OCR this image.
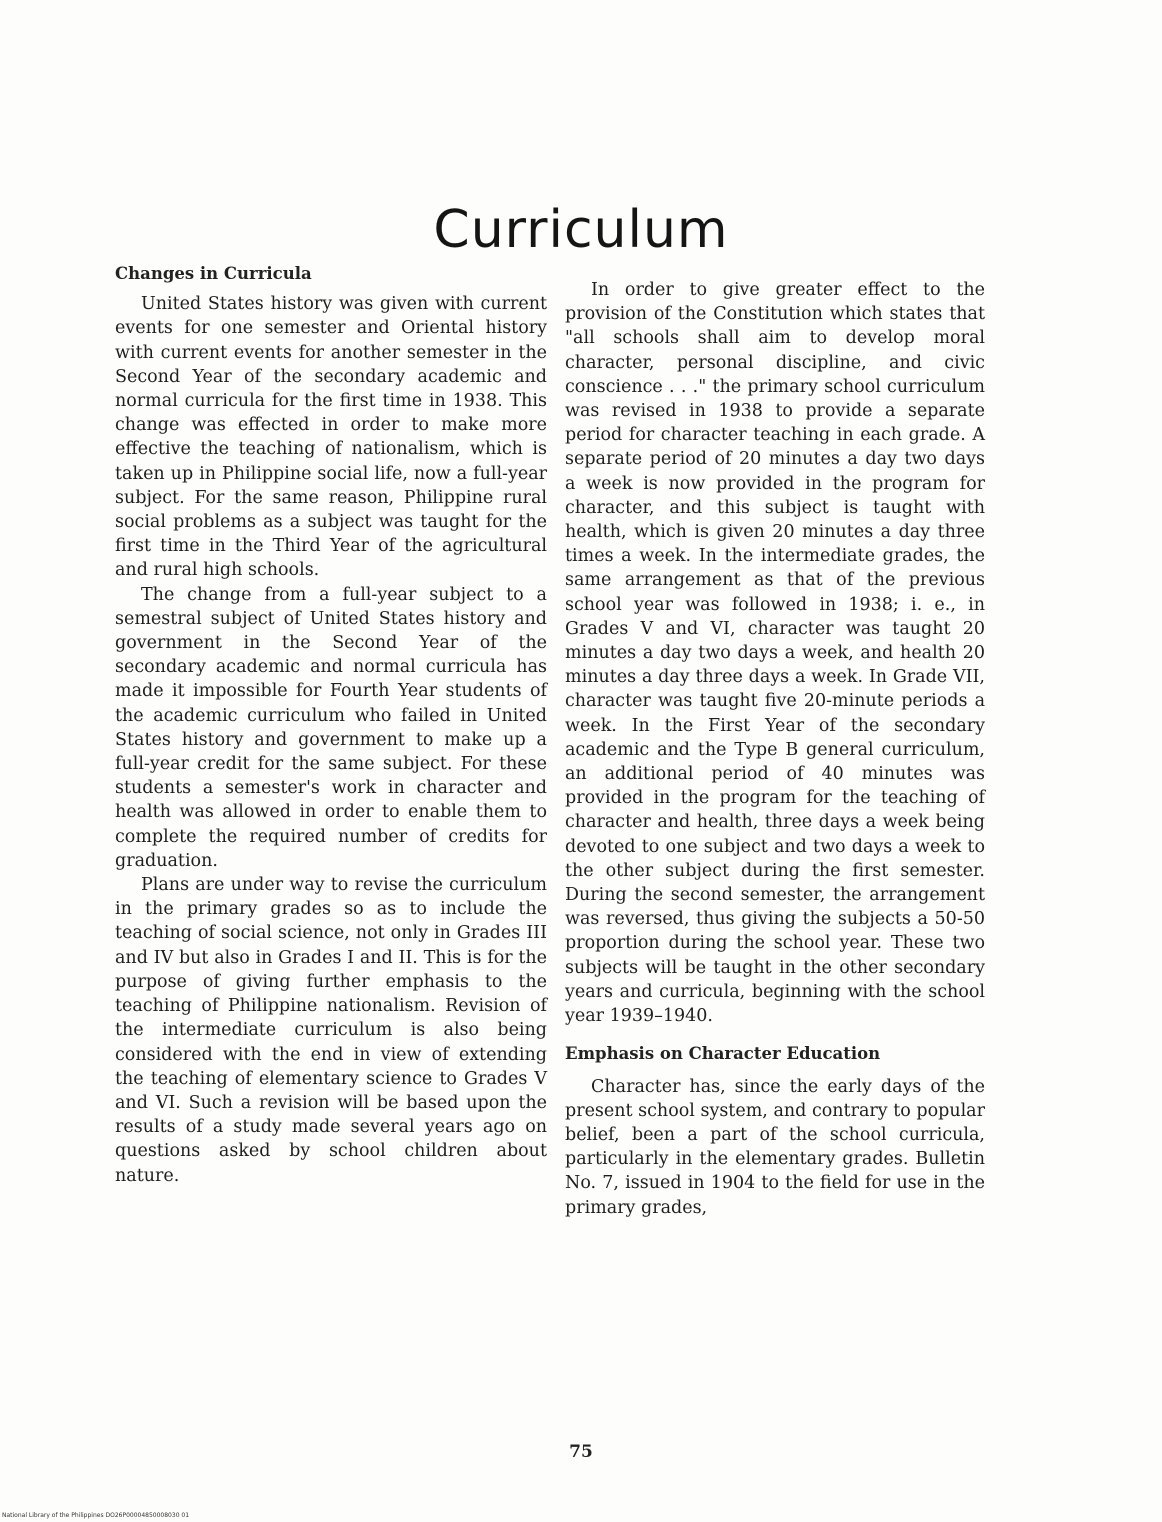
Curriculum
Changes in Curricula

United States history was given with current events for one semester and Oriental history with current events for another semester in the Second Year of the secondary academic and normal curricula for the first time in 1938. This change was effected in order to make more effective the teaching of nationalism, which is taken up in Philippine social life, now a full-year subject. For the same reason, Philippine rural social problems as a subject was taught for the first time in the Third Year of the agricultural and rural high schools.

The change from a full-year subject to a semestral subject of United States history and government in the Second Year of the secondary academic and normal curricula has made it impossible for Fourth Year students of the academic curriculum who failed in United States history and government to make up a full-year credit for the same subject. For these students a semester's work in character and health was allowed in order to enable them to complete the required number of credits for graduation.

Plans are under way to revise the curriculum in the primary grades so as to include the teaching of social science, not only in Grades III and IV but also in Grades I and II. This is for the purpose of giving further emphasis to the teaching of Philippine nationalism. Revision of the intermediate curriculum is also being considered with the end in view of extending the teaching of elementary science to Grades V and VI. Such a revision will be based upon the results of a study made several years ago on questions asked by school children about nature.

In order to give greater effect to the provision of the Constitution which states that "all schools shall aim to develop moral character, personal discipline, and civic conscience . . ." the primary school curriculum was revised in 1938 to provide a separate period for character teaching in each grade. A separate period of 20 minutes a day two days a week is now provided in the program for character, and this subject is taught with health, which is given 20 minutes a day three times a week. In the intermediate grades, the same arrangement as that of the previous school year was followed in 1938; i. e., in Grades V and VI, character was taught 20 minutes a day two days a week, and health 20 minutes a day three days a week. In Grade VII, character was taught five 20-minute periods a week. In the First Year of the secondary academic and the Type B general curriculum, an additional period of 40 minutes was provided in the program for the teaching of character and health, three days a week being devoted to one subject and two days a week to the other subject during the first semester. During the second semester, the arrangement was reversed, thus giving the subjects a 50-50 proportion during the school year. These two subjects will be taught in the other secondary years and curricula, beginning with the school year 1939–1940.

Emphasis on Character Education

Character has, since the early days of the present school system, and contrary to popular belief, been a part of the school curricula, particularly in the elementary grades. Bulletin No. 7, issued in 1904 to the field for use in the primary grades,

75
National Library of the Philippines DO26P00004850008030 01
